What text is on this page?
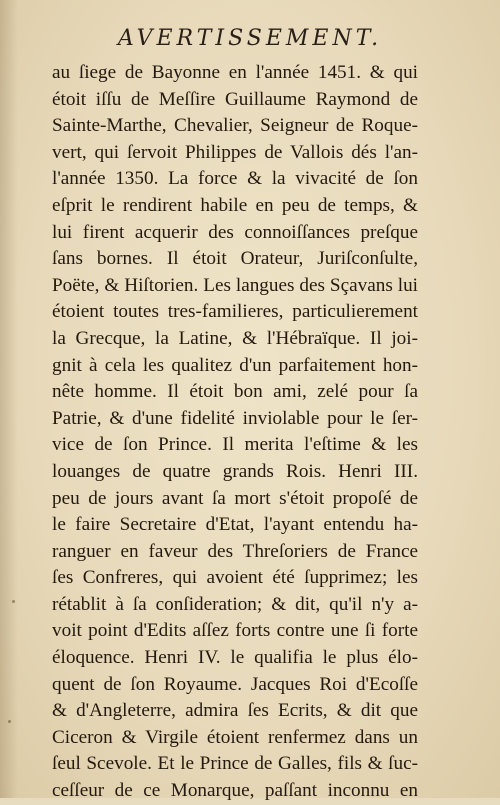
AVERTISSEMENT.
au ſiege de Bayonne en l'année 1451. & qui
étoit iſſu de Meſſire Guillaume Raymond de
Sainte-Marthe, Chevalier, Seigneur de Roque-
vert, qui ſervoit Philippes de Vallois dés l'an-
l'année 1350. La force & la vivacité de ſon
eſprit le rendirent habile en peu de temps, &
lui firent acquerir des connoiſſances preſque
ſans bornes. Il étoit Orateur, Juriſconſulte,
Poëte, & Hiſtorien. Les langues des Sçavans lui
étoient toutes tres-familieres, particulierement
la Grecque, la Latine, & l'Hébraïque. Il joi-
gnit à cela les qualitez d'un parfaitement hon-
nête homme. Il étoit bon ami, zelé pour ſa
Patrie, & d'une fidelité inviolable pour le ſer-
vice de ſon Prince. Il merita l'eſtime & les
louanges de quatre grands Rois. Henri III.
peu de jours avant ſa mort s'étoit propoſé de
le faire Secretaire d'Etat, l'ayant entendu ha-
ranguer en faveur des Threſoriers de France
ſes Confreres, qui avoient été ſupprimez; les
rétablit à ſa conſideration; & dit, qu'il n'y a-
voit point d'Edits aſſez forts contre une ſi forte
éloquence. Henri IV. le qualifia le plus élo-
quent de ſon Royaume. Jacques Roi d'Ecoſſe
& d'Angleterre, admira ſes Ecrits, & dit que
Ciceron & Virgile étoient renfermez dans un
ſeul Scevole. Et le Prince de Galles, fils & ſuc-
ceſſeur de ce Monarque, paſſant inconnu en
